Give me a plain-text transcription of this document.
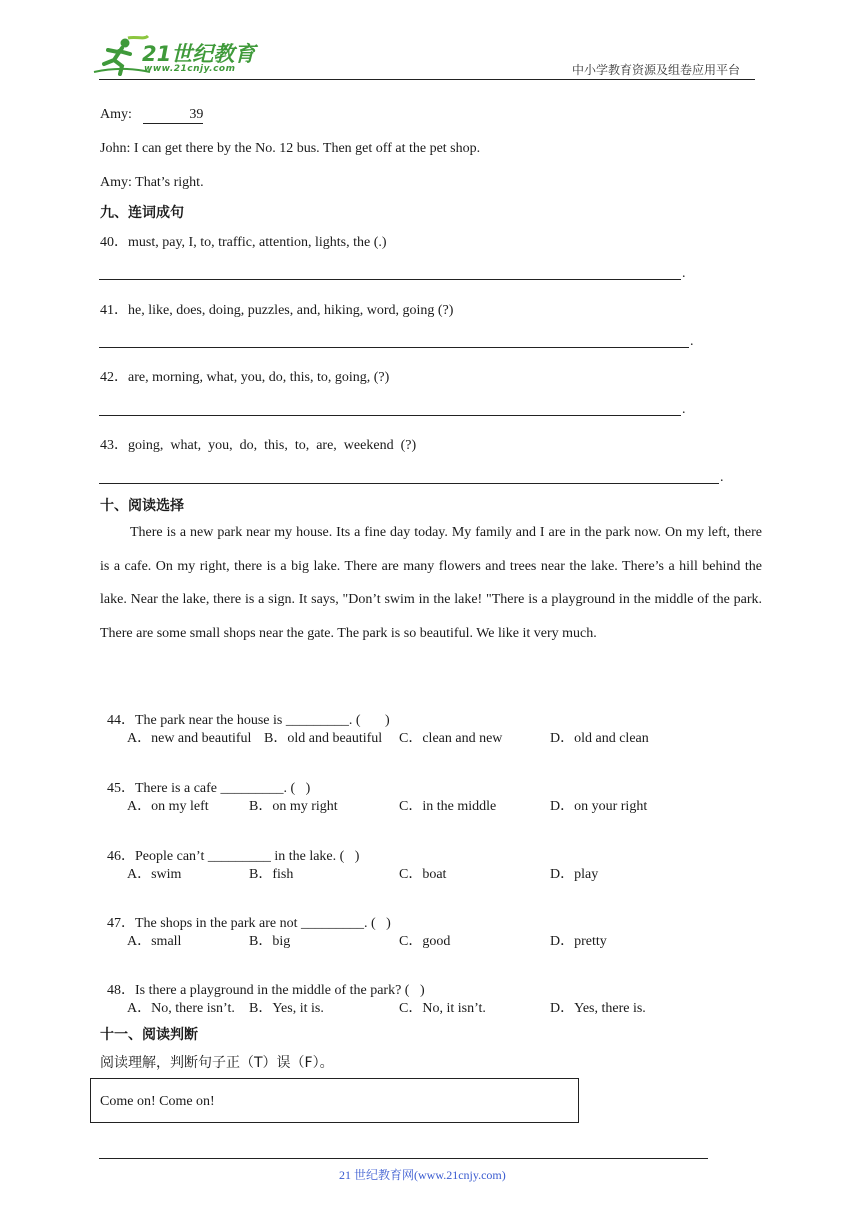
21世纪教育
www.21cnjy.com	中小学教育资源及组卷应用平台
Amy:	39
John: I can get there by the No. 12 bus. Then get off at the pet shop.
Amy: That’s right.
九、连词成句
40．must, pay, I, to, traffic, attention, lights, the (.)
.
41．he, like, does, doing, puzzles, and, hiking, word, going (?)
.
42．are, morning, what, you, do, this, to, going, (?)
.
43．going,  what,  you,  do,  this,  to,  are,  weekend  (?)
.
十、阅读选择
There is a new park near my house. Its a fine day today. My family and I are in the park now. On my left, there is a cafe. On my right, there is a big lake. There are many flowers and trees near the lake. There’s a hill behind the lake. Near the lake, there is a sign. It says, "Don’t swim in the lake! "There is a playground in the middle of the park. There are some small shops near the gate. The park is so beautiful. We like it very much.

44．The park near the house is _________. (       )

A．new and beautiful B．old and beautiful C．clean and new	D．old and clean

45．There is a cafe _________. (   )

A．on my left	B．on my right	C．in the middle	D．on your right

46．People can’t _________ in the lake. (   )

A．swim	B．fish	C．boat	D．play

47．The shops in the park are not _________. (   )

A．small	B．big	C．good	D．pretty

48．Is there a playground in the middle of the park? (   )

A．No, there isn’t. B．Yes, it is.	C．No, it isn’t.	D．Yes, there is.
十一、阅读判断
阅读理解，判断句子正（T）误（F）。
Come on! Come on!
21 世纪教育网(www.21cnjy.com)
